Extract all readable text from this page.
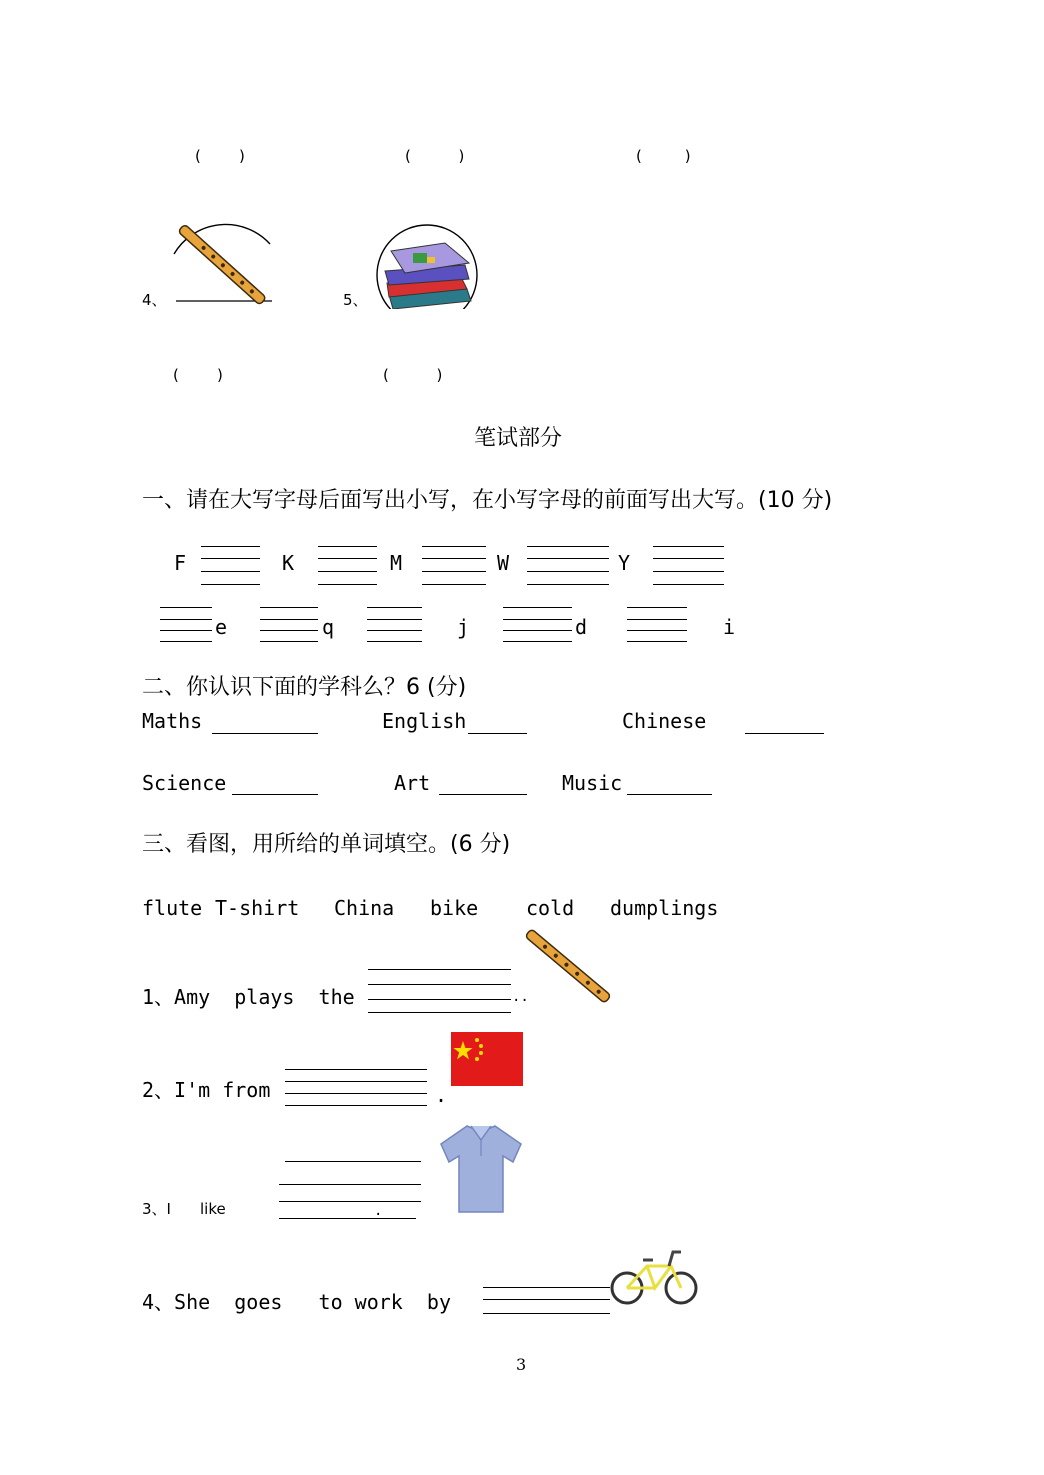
(        )	(          )	(         )
4、	5、
(        )	(          )
笔试部分
一、请在大写字母后面写出小写，在小写字母的前面写出大写。(10 分)
F	K	M	W	Y
e	q	j	d	i
二、你认识下面的学科么？6 (分)
Maths	English	Chinese
Science	Art	Music
三、看图，用所给的单词填空。(6 分)
flute T-shirt China bike cold dumplings
1、Amy  plays  the	..
2、I'm from	.
3、I like	.
4、She  goes   to work  by
3
